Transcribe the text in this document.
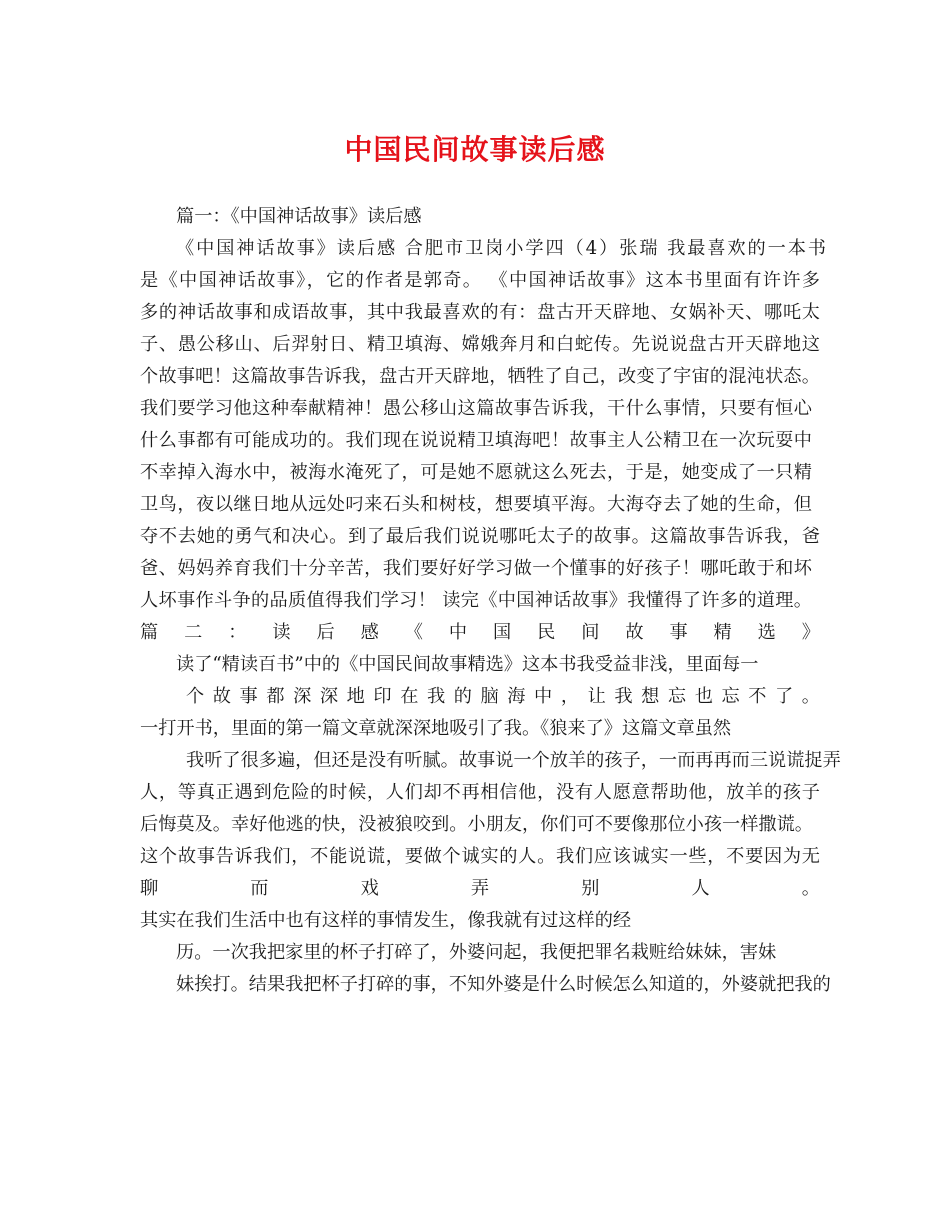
中国民间故事读后感
篇一：《中国神话故事》读后感
《中国神话故事》读后感 合肥市卫岗小学四（4）张瑞 我最喜欢的一本书
是《中国神话故事》，它的作者是郭奇。 《中国神话故事》这本书里面有许许多
多的神话故事和成语故事，其中我最喜欢的有：盘古开天辟地、女娲补天、哪吒太
子、愚公移山、后羿射日、精卫填海、嫦娥奔月和白蛇传。先说说盘古开天辟地这
个故事吧！这篇故事告诉我，盘古开天辟地，牺牲了自己，改变了宇宙的混沌状态。
我们要学习他这种奉献精神！愚公移山这篇故事告诉我，干什么事情，只要有恒心
什么事都有可能成功的。我们现在说说精卫填海吧！故事主人公精卫在一次玩耍中
不幸掉入海水中，被海水淹死了，可是她不愿就这么死去，于是，她变成了一只精
卫鸟，夜以继日地从远处叼来石头和树枝，想要填平海。大海夺去了她的生命，但
夺不去她的勇气和决心。到了最后我们说说哪吒太子的故事。这篇故事告诉我，爸
爸、妈妈养育我们十分辛苦，我们要好好学习做一个懂事的好孩子！哪吒敢于和坏
人坏事作斗争的品质值得我们学习！ 读完《中国神话故事》我懂得了许多的道理。
篇二：读后感《中国民间故事精选》
读了“精读百书”中的《中国民间故事精选》这本书我受益非浅，里面每一
个故事都深深地印在我的脑海中，让我想忘也忘不了。
一打开书，里面的第一篇文章就深深地吸引了我。《狼来了》这篇文章虽然
我听了很多遍，但还是没有听腻。故事说一个放羊的孩子，一而再再而三说谎捉弄
人，等真正遇到危险的时候，人们却不再相信他，没有人愿意帮助他，放羊的孩子
后悔莫及。幸好他逃的快，没被狼咬到。小朋友，你们可不要像那位小孩一样撒谎。
这个故事告诉我们，不能说谎，要做个诚实的人。我们应该诚实一些，不要因为无
聊而戏弄别人。
其实在我们生活中也有这样的事情发生，像我就有过这样的经
历。一次我把家里的杯子打碎了，外婆问起，我便把罪名栽赃给妹妹，害妹
妹挨打。结果我把杯子打碎的事，不知外婆是什么时候怎么知道的，外婆就把我的
